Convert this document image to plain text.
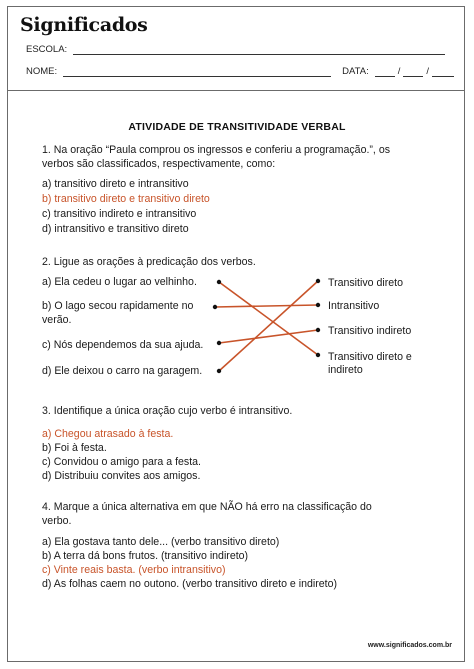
Significados
ESCOLA:
NOME:	DATA:	/	/
ATIVIDADE DE TRANSITIVIDADE VERBAL
1. Na oração “Paula comprou os ingressos e conferiu a programação.”, os
verbos são classificados, respectivamente, como:
a) transitivo direto e intransitivo
b) transitivo direto e transitivo direto
c) transitivo indireto e intransitivo
d) intransitivo e transitivo direto
2. Ligue as orações à predicação dos verbos.
a) Ela cedeu o lugar ao velhinho.
b) O lago secou rapidamente no
verão.
c) Nós dependemos da sua ajuda.
d) Ele deixou o carro na garagem.
Transitivo direto
Intransitivo
Transitivo indireto
Transitivo direto e
indireto
3. Identifique a única oração cujo verbo é intransitivo.
a) Chegou atrasado à festa.
b) Foi à festa.
c) Convidou o amigo para a festa.
d) Distribuiu convites aos amigos.
4. Marque a única alternativa em que NÃO há erro na classificação do
verbo.
a) Ela gostava tanto dele... (verbo transitivo direto)
b) A terra dá bons frutos. (transitivo indireto)
c) Vinte reais basta. (verbo intransitivo)
d) As folhas caem no outono. (verbo transitivo direto e indireto)
www.significados.com.br
